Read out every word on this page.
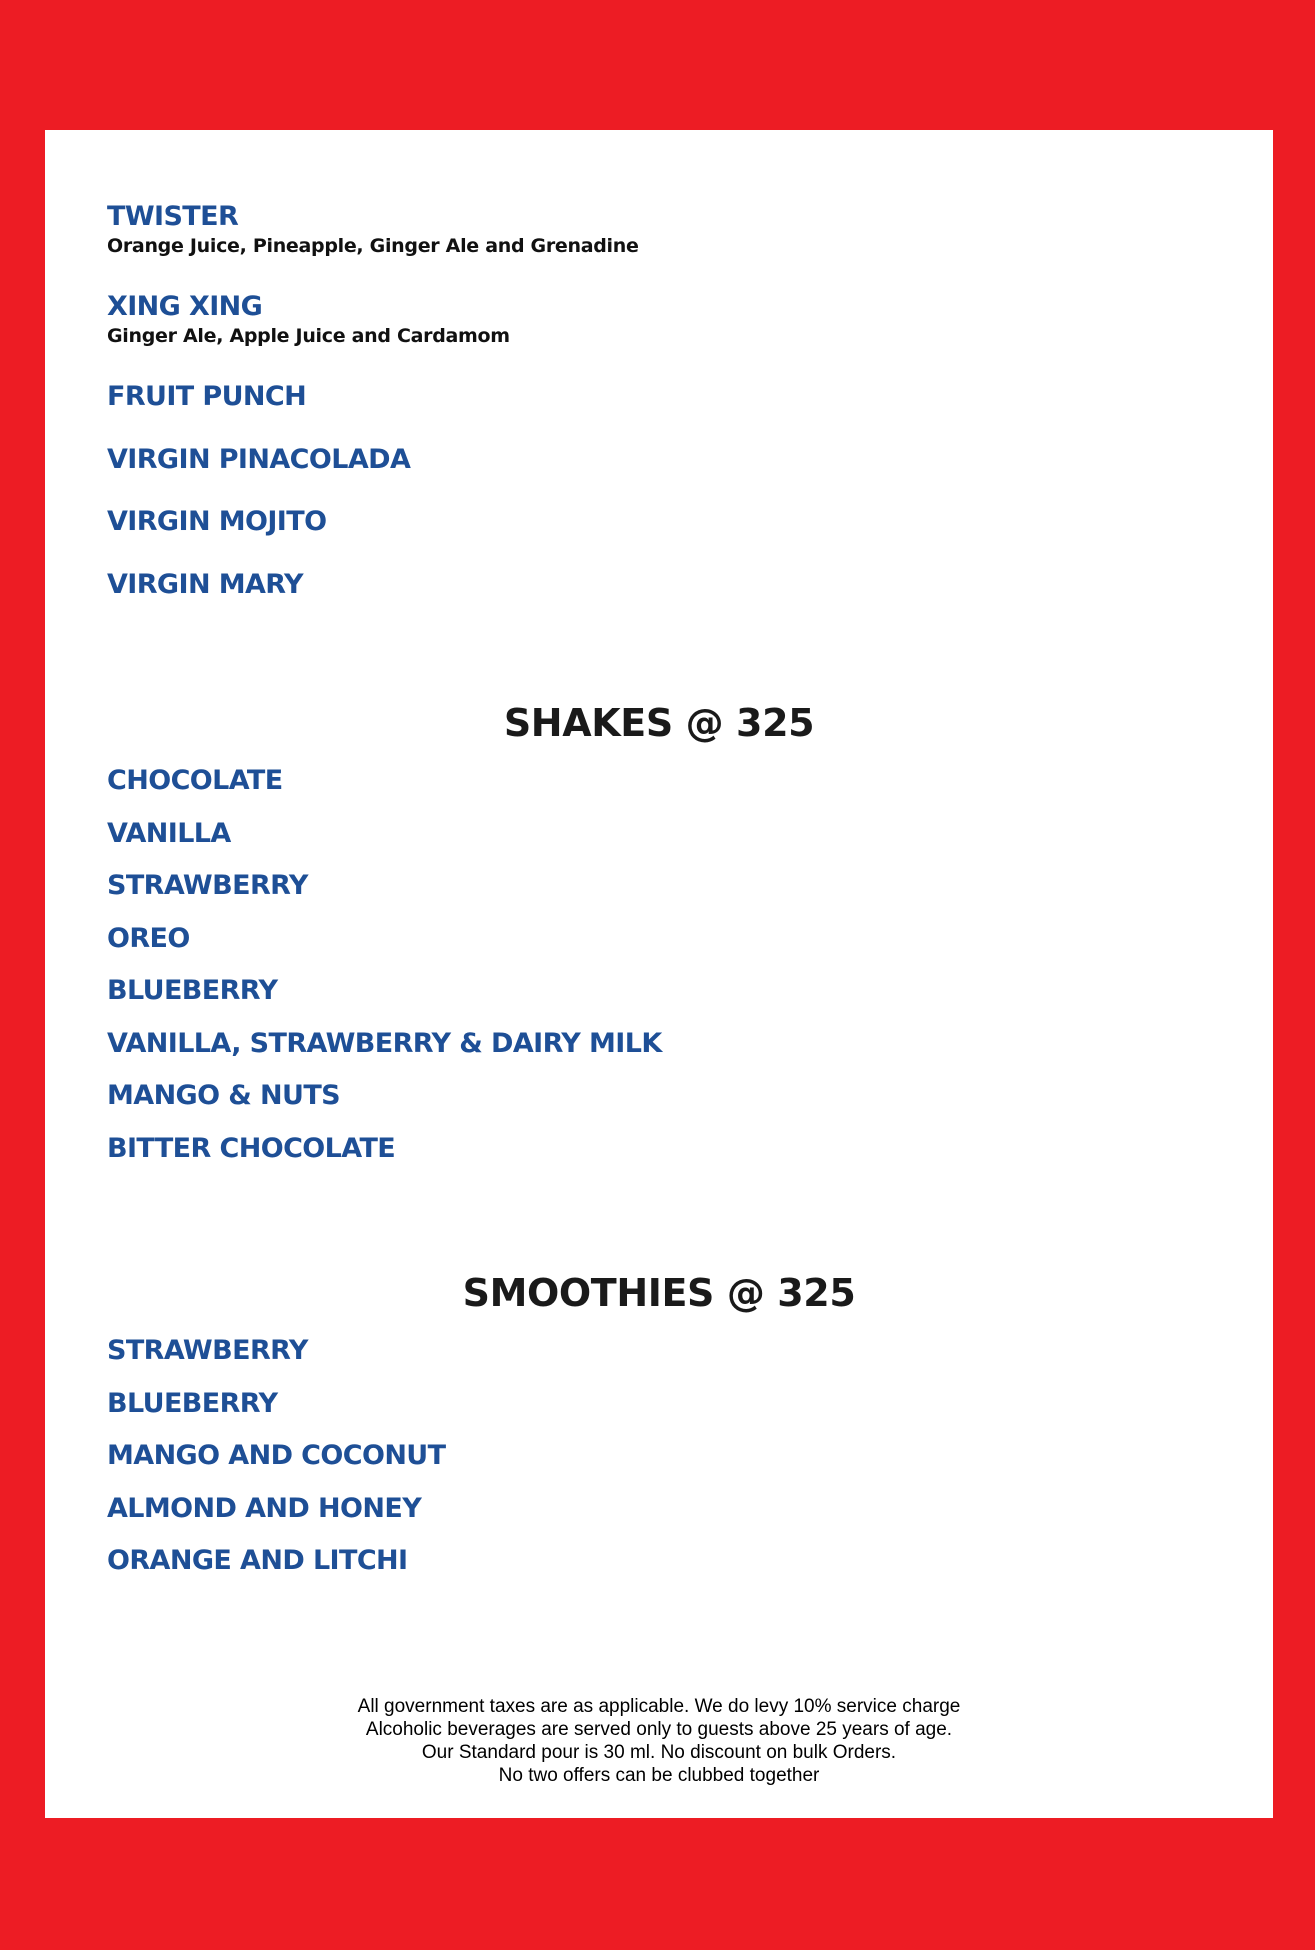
TWISTER
Orange Juice, Pineapple, Ginger Ale and Grenadine
XING XING
Ginger Ale, Apple Juice and Cardamom
FRUIT PUNCH
VIRGIN PINACOLADA
VIRGIN MOJITO
VIRGIN MARY
SHAKES @ 325
CHOCOLATE
VANILLA
STRAWBERRY
OREO
BLUEBERRY
VANILLA, STRAWBERRY & DAIRY MILK
MANGO & NUTS
BITTER CHOCOLATE
SMOOTHIES @ 325
STRAWBERRY
BLUEBERRY
MANGO AND COCONUT
ALMOND AND HONEY
ORANGE AND LITCHI
All government taxes are as applicable. We do levy 10% service charge
Alcoholic beverages are served only to guests above 25 years of age.
Our Standard pour is 30 ml. No discount on bulk Orders.
No two offers can be clubbed together
